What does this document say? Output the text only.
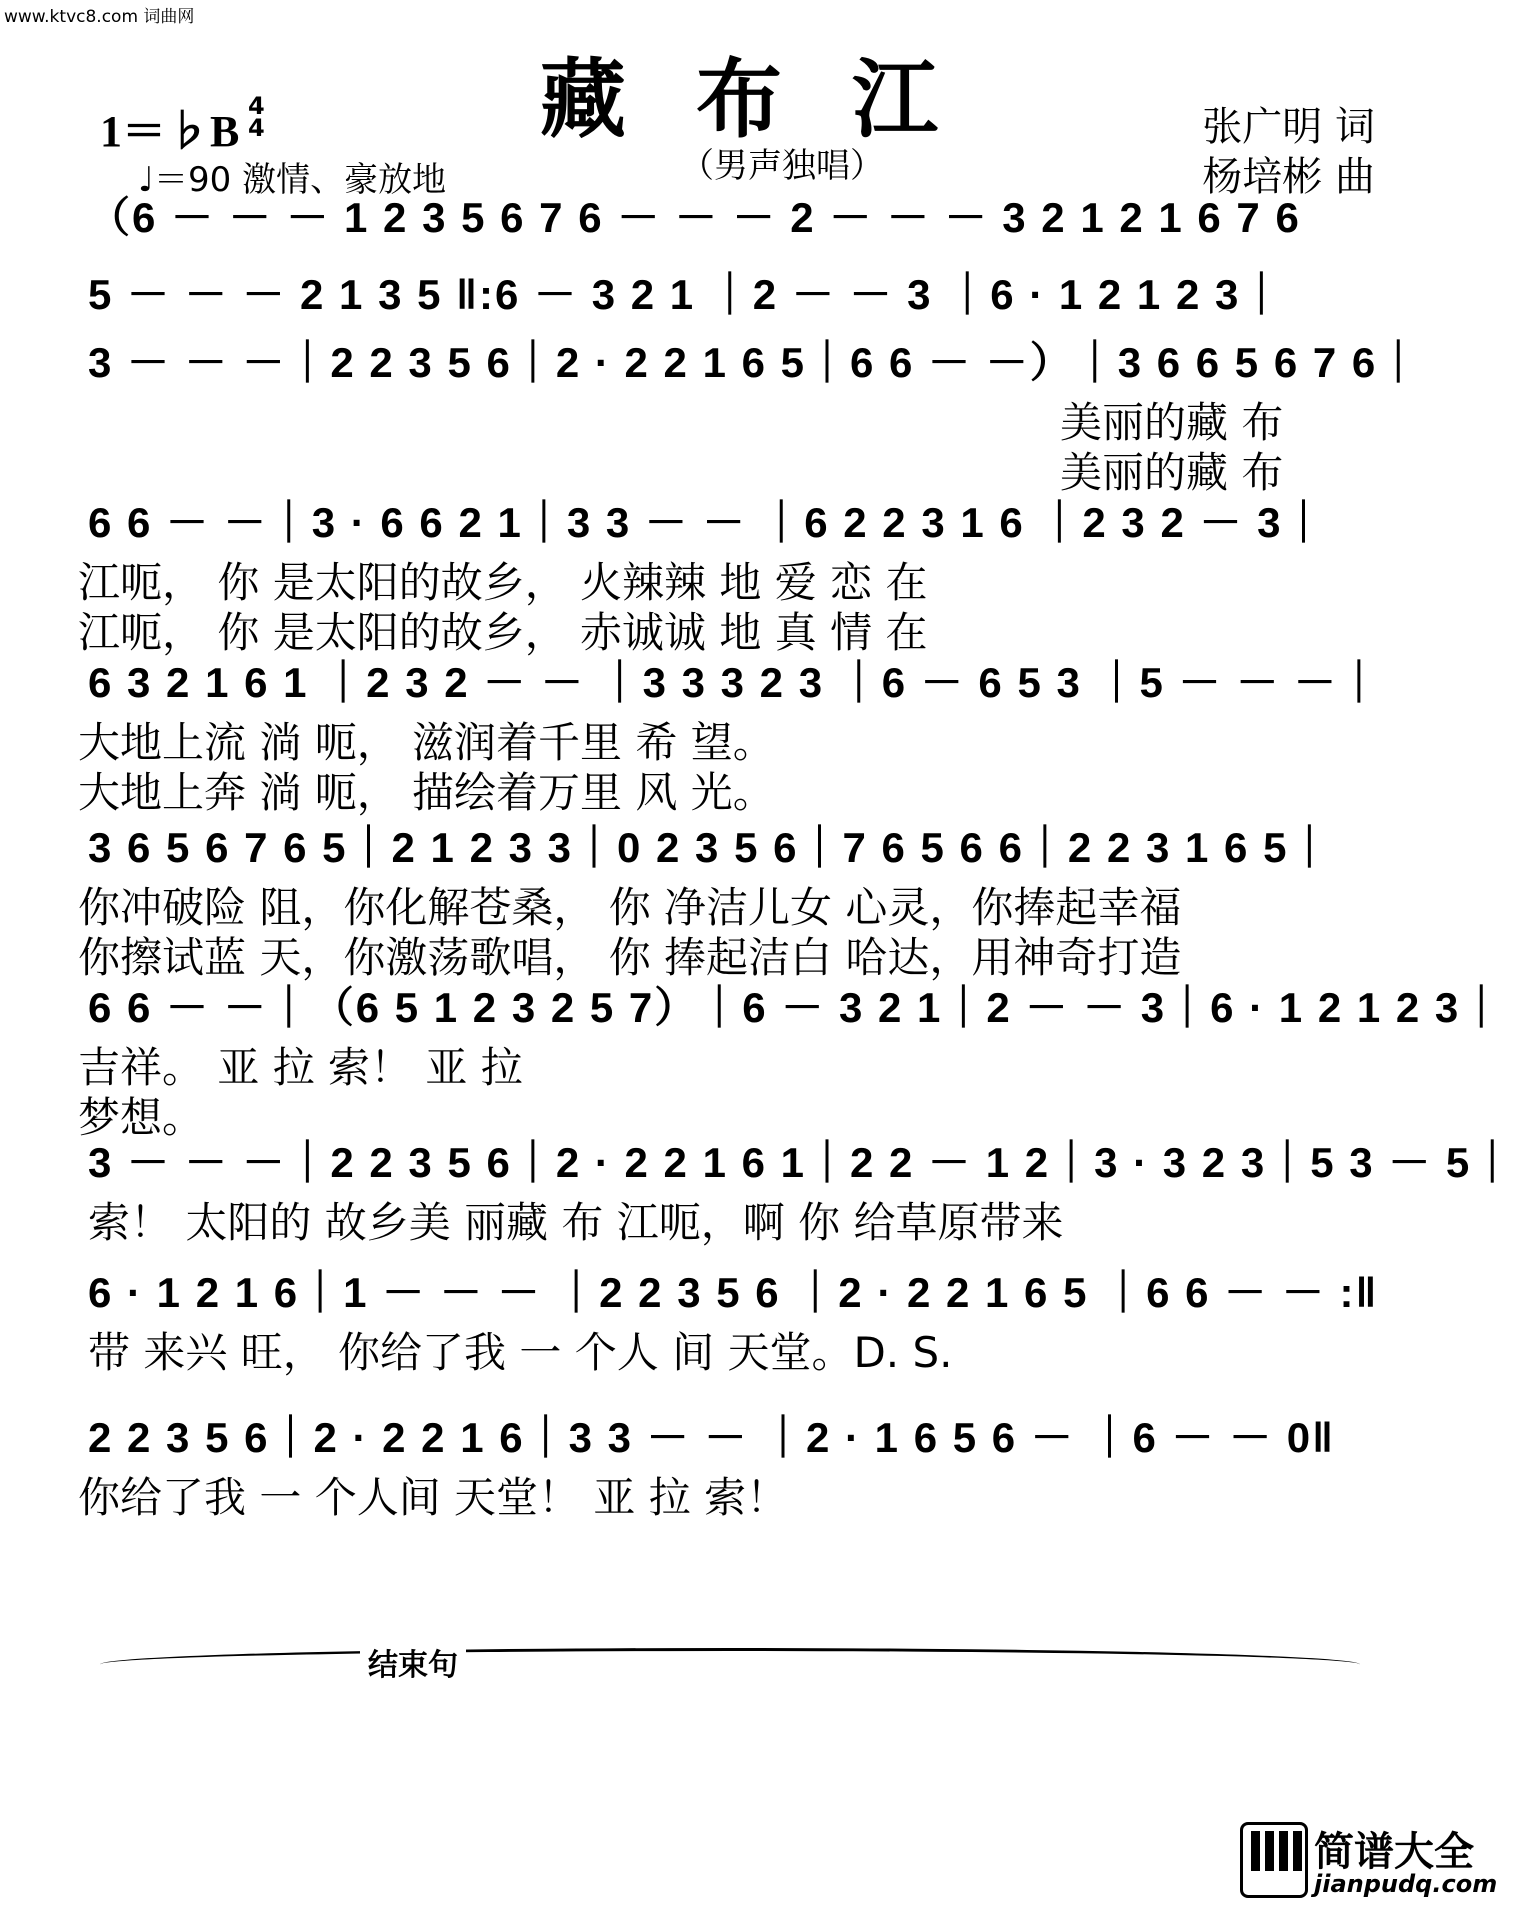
www.ktvc8.com 词曲网
藏布江
（男声独唱）
1＝♭B
4
4
♩＝90 激情、豪放地
张广明 词
杨培彬 曲
（6 － － － 1 2 3 5 6 7 6 － － － 2 － － － 3 2 1 2 1 6 7 6
5 － － － 2 1 3 5 ‖:6 － 3 2 1 ｜2 － － 3 ｜6 · 1 2 1 2 3｜
3 － － －｜2 2 3 5 6｜2 · 2 2 1 6 5｜6 6 － －）｜3 6 6 5 6 7 6｜
美丽的藏 布
美丽的藏 布
6 6 － －｜3 · 6 6 2 1｜3 3 － － ｜6 2 2 3 1 6 ｜2 3 2 － 3｜
江呃， 你 是太阳的故乡， 火辣辣 地 爱 恋 在
江呃， 你 是太阳的故乡， 赤诚诚 地 真 情 在
6 3 2 1 6 1 ｜2 3 2 － － ｜3 3 3 2 3 ｜6 － 6 5 3 ｜5 － － －｜
大地上流 淌 呃， 滋润着千里 希 望。
大地上奔 淌 呃， 描绘着万里 风 光。
3 6 5 6 7 6 5｜2 1 2 3 3｜0 2 3 5 6｜7 6 5 6 6｜2 2 3 1 6 5｜
你冲破险 阻，你化解苍桑， 你 净洁儿女 心灵，你捧起幸福
你擦试蓝 天，你激荡歌唱， 你 捧起洁白 哈达，用神奇打造
6 6 － －｜（6 5 1 2 3 2 5 7）｜6 － 3 2 1｜2 － － 3｜6 · 1 2 1 2 3｜
吉祥。 亚 拉 索！ 亚 拉
梦想。
3 － － －｜2 2 3 5 6｜2 · 2 2 1 6 1｜2 2 － 1 2｜3 · 3 2 3｜5 3 － 5｜
索！ 太阳的 故乡美 丽藏 布 江呃，啊 你 给草原带来
6 · 1 2 1 6｜1 － － － ｜2 2 3 5 6 ｜2 · 2 2 1 6 5 ｜6 6 － － :‖
带 来兴 旺， 你给了我 一 个人 间 天堂。D. S.
2 2 3 5 6｜2 · 2 2 1 6｜3 3 － － ｜2 · 1 6 5 6 － ｜6 － － 0‖
你给了我 一 个人间 天堂！ 亚 拉 索！
结束句
简谱大全
jianpudq.com
